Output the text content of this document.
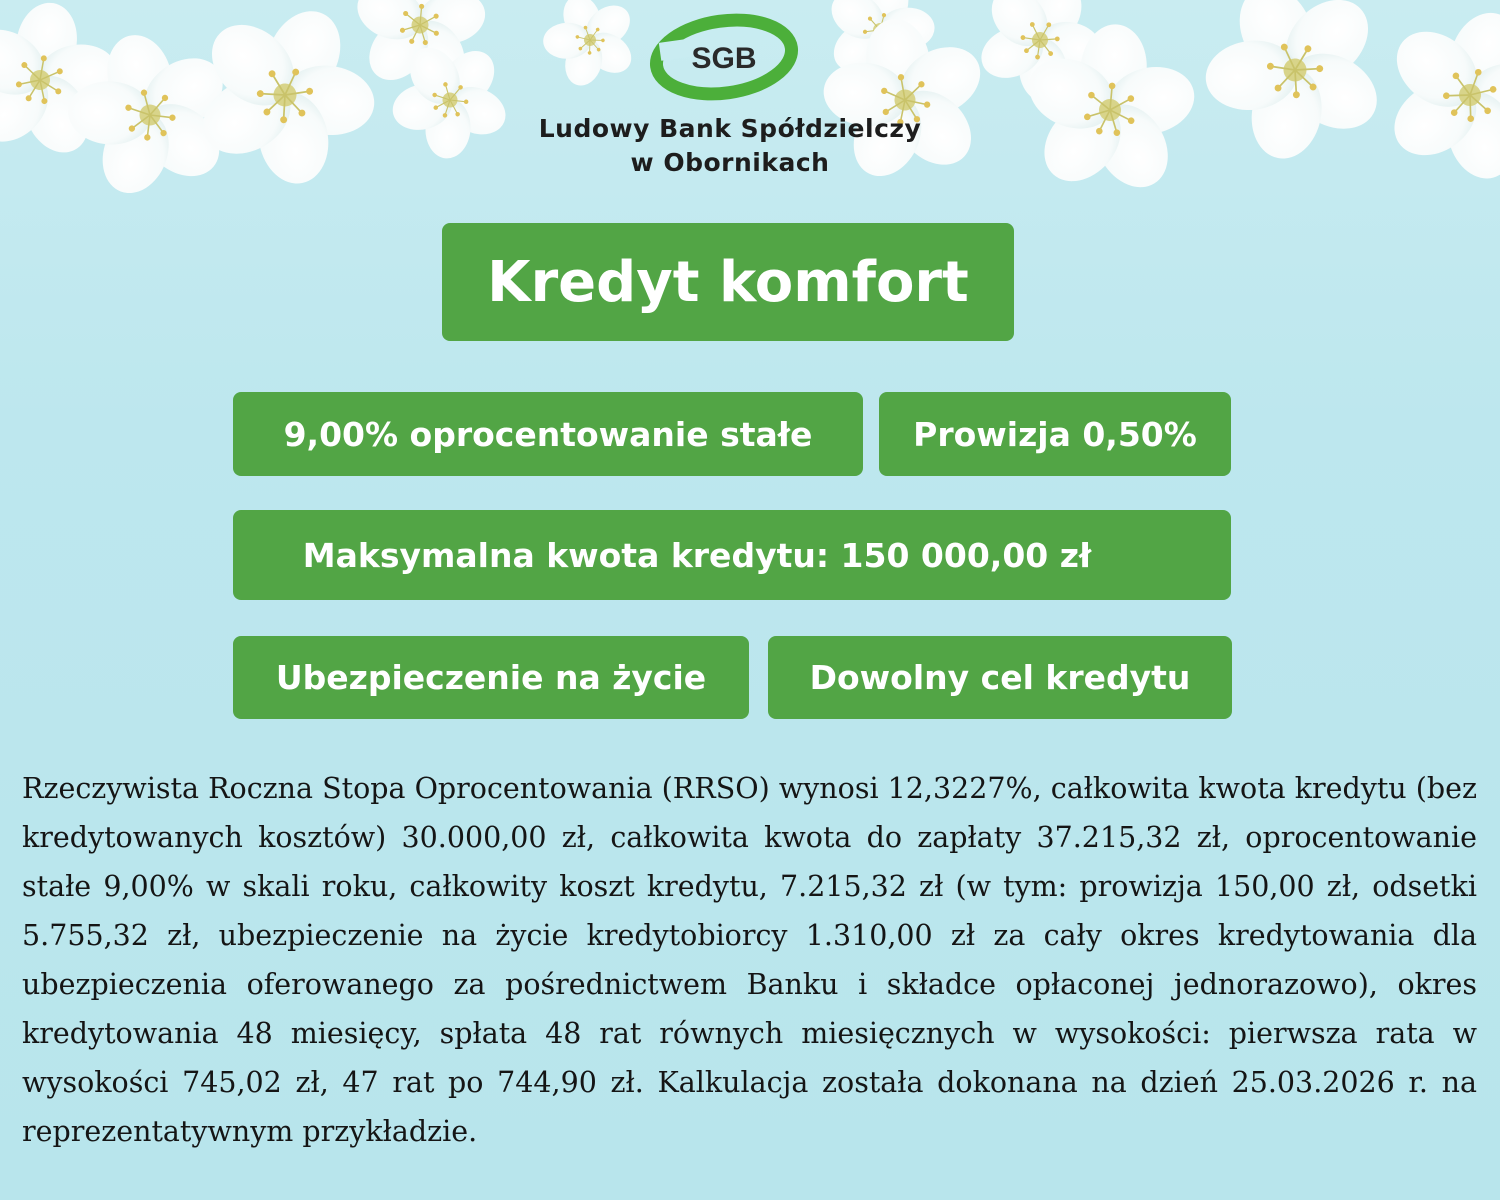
SGB
Ludowy Bank Spółdzielczy
w Obornikach
Kredyt komfort
9,00% oprocentowanie stałe	Prowizja 0,50%
Maksymalna kwota kredytu: 150 000,00 zł
Ubezpieczenie na życie	Dowolny cel kredytu

Rzeczywista Roczna Stopa Oprocentowania (RRSO) wynosi 12,3227%, całkowita kwota kredytu (bez kredytowanych kosztów) 30.000,00 zł, całkowita kwota do zapłaty 37.215,32 zł, oprocentowanie stałe 9,00% w skali roku, całkowity koszt kredytu, 7.215,32 zł (w tym: prowizja 150,00 zł, odsetki 5.755,32 zł, ubezpieczenie na życie kredytobiorcy 1.310,00 zł za cały okres kredytowania dla ubezpieczenia oferowanego za pośrednictwem Banku i składce opłaconej jednorazowo), okres kredytowania 48 miesięcy, spłata 48 rat równych miesięcznych w wysokości: pierwsza rata w wysokości 745,02 zł, 47 rat po 744,90 zł. Kalkulacja została dokonana na dzień 25.03.2026 r. na reprezentatywnym przykładzie.
